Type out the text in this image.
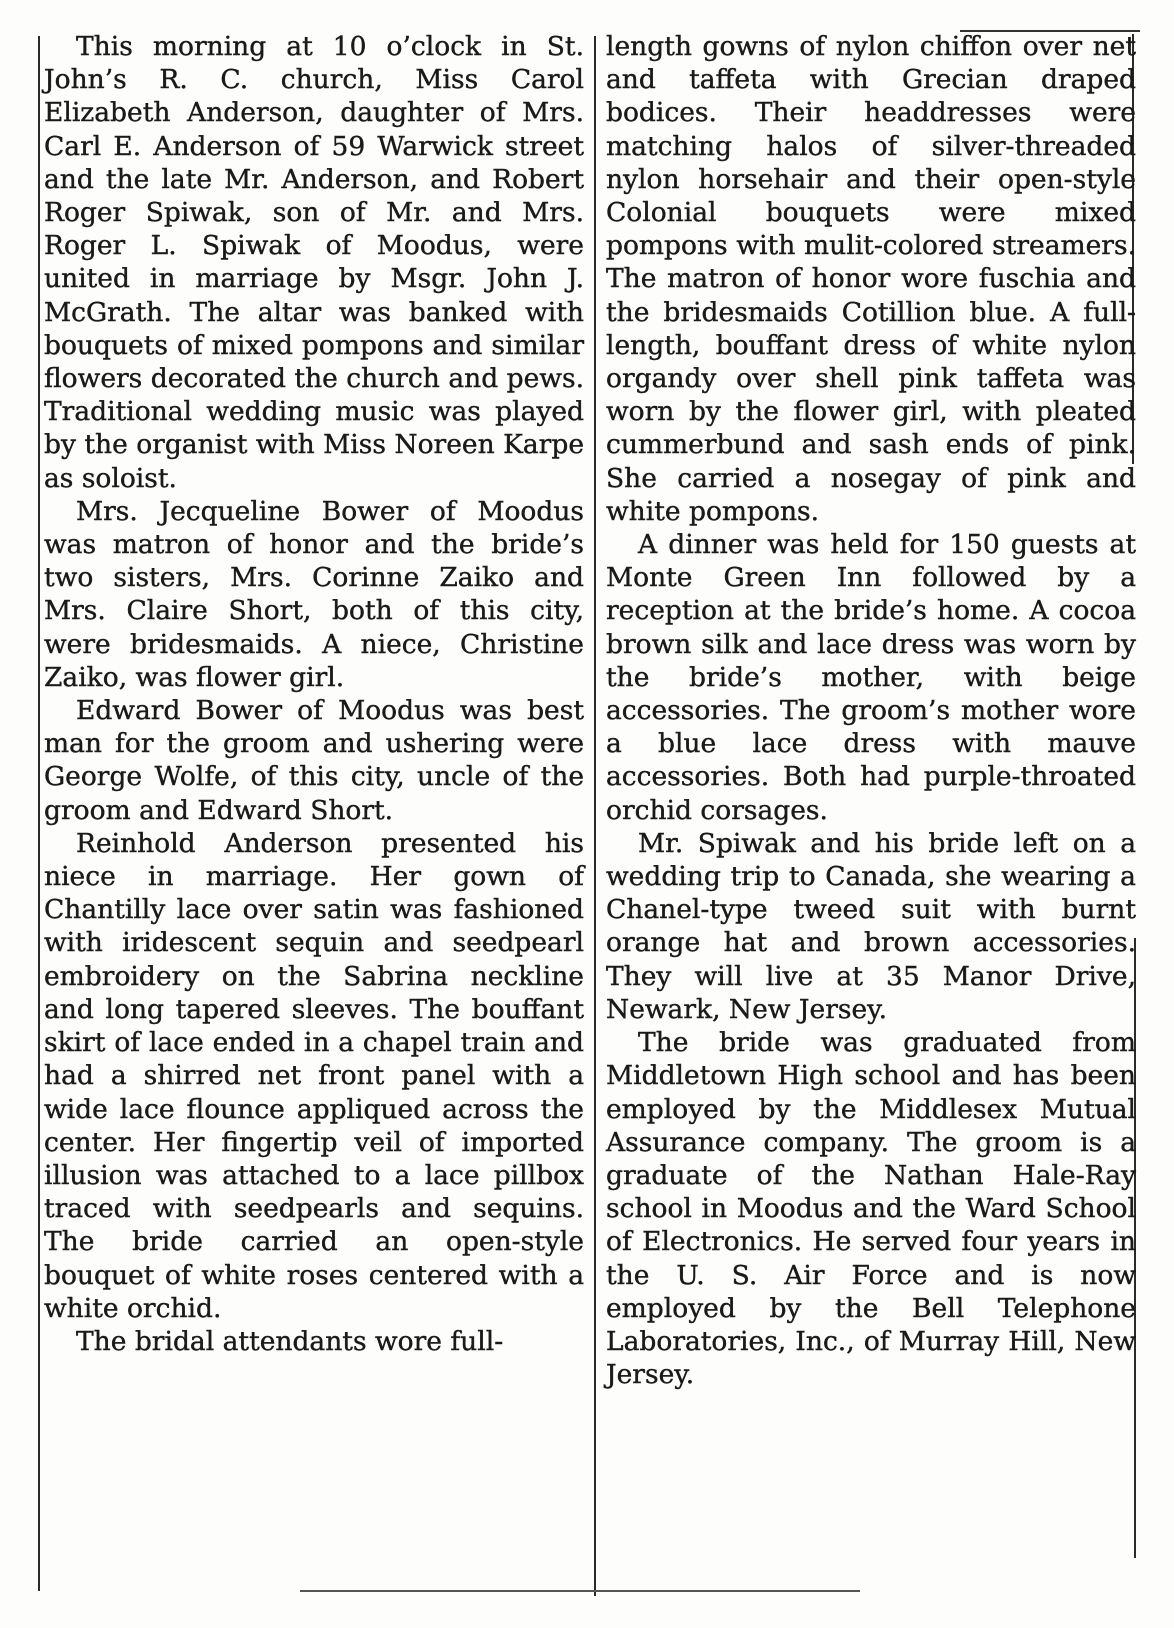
This morning at 10 o’clock in St. John’s R. C. church, Miss Carol Elizabeth Anderson, daughter of Mrs. Carl E. Anderson of 59 Warwick street and the late Mr. Anderson, and Robert Roger Spiwak, son of Mr. and Mrs. Roger L. Spiwak of Moodus, were united in marriage by Msgr. John J. McGrath. The altar was banked with bouquets of mixed pompons and similar flowers decorated the church and pews. Traditional wedding music was played by the organist with Miss Noreen Karpe as soloist.

Mrs. Jecqueline Bower of Moodus was matron of honor and the bride’s two sisters, Mrs. Corinne Zaiko and Mrs. Claire Short, both of this city, were bridesmaids. A niece, Christine Zaiko, was flower girl.

Edward Bower of Moodus was best man for the groom and ushering were George Wolfe, of this city, uncle of the groom and Edward Short.

Reinhold Anderson presented his niece in marriage. Her gown of Chantilly lace over satin was fashioned with iridescent sequin and seedpearl embroidery on the Sabrina neckline and long tapered sleeves. The bouffant skirt of lace ended in a chapel train and had a shirred net front panel with a wide lace flounce appliqued across the center. Her fingertip veil of imported illusion was attached to a lace pillbox traced with seedpearls and sequins. The bride carried an open-style bouquet of white roses centered with a white orchid.

The bridal attendants wore full-

length gowns of nylon chiffon over net and taffeta with Grecian draped bodices. Their headdresses were matching halos of silver-threaded nylon horsehair and their open-style Colonial bouquets were mixed pompons with mulit-colored streamers. The matron of honor wore fuschia and the bridesmaids Cotillion blue. A full-length, bouffant dress of white nylon organdy over shell pink taffeta was worn by the flower girl, with pleated cummerbund and sash ends of pink. She carried a nosegay of pink and white pompons.

A dinner was held for 150 guests at Monte Green Inn followed by a reception at the bride’s home. A cocoa brown silk and lace dress was worn by the bride’s mother, with beige accessories. The groom’s mother wore a blue lace dress with mauve accessories. Both had purple-throated orchid corsages.

Mr. Spiwak and his bride left on a wedding trip to Canada, she wearing a Chanel-type tweed suit with burnt orange hat and brown accessories. They will live at 35 Manor Drive, Newark, New Jersey.

The bride was graduated from Middletown High school and has been employed by the Middlesex Mutual Assurance company. The groom is a graduate of the Nathan Hale-Ray school in Moodus and the Ward School of Electronics. He served four years in the U. S. Air Force and is now employed by the Bell Telephone Laboratories, Inc., of Murray Hill, New Jersey.
